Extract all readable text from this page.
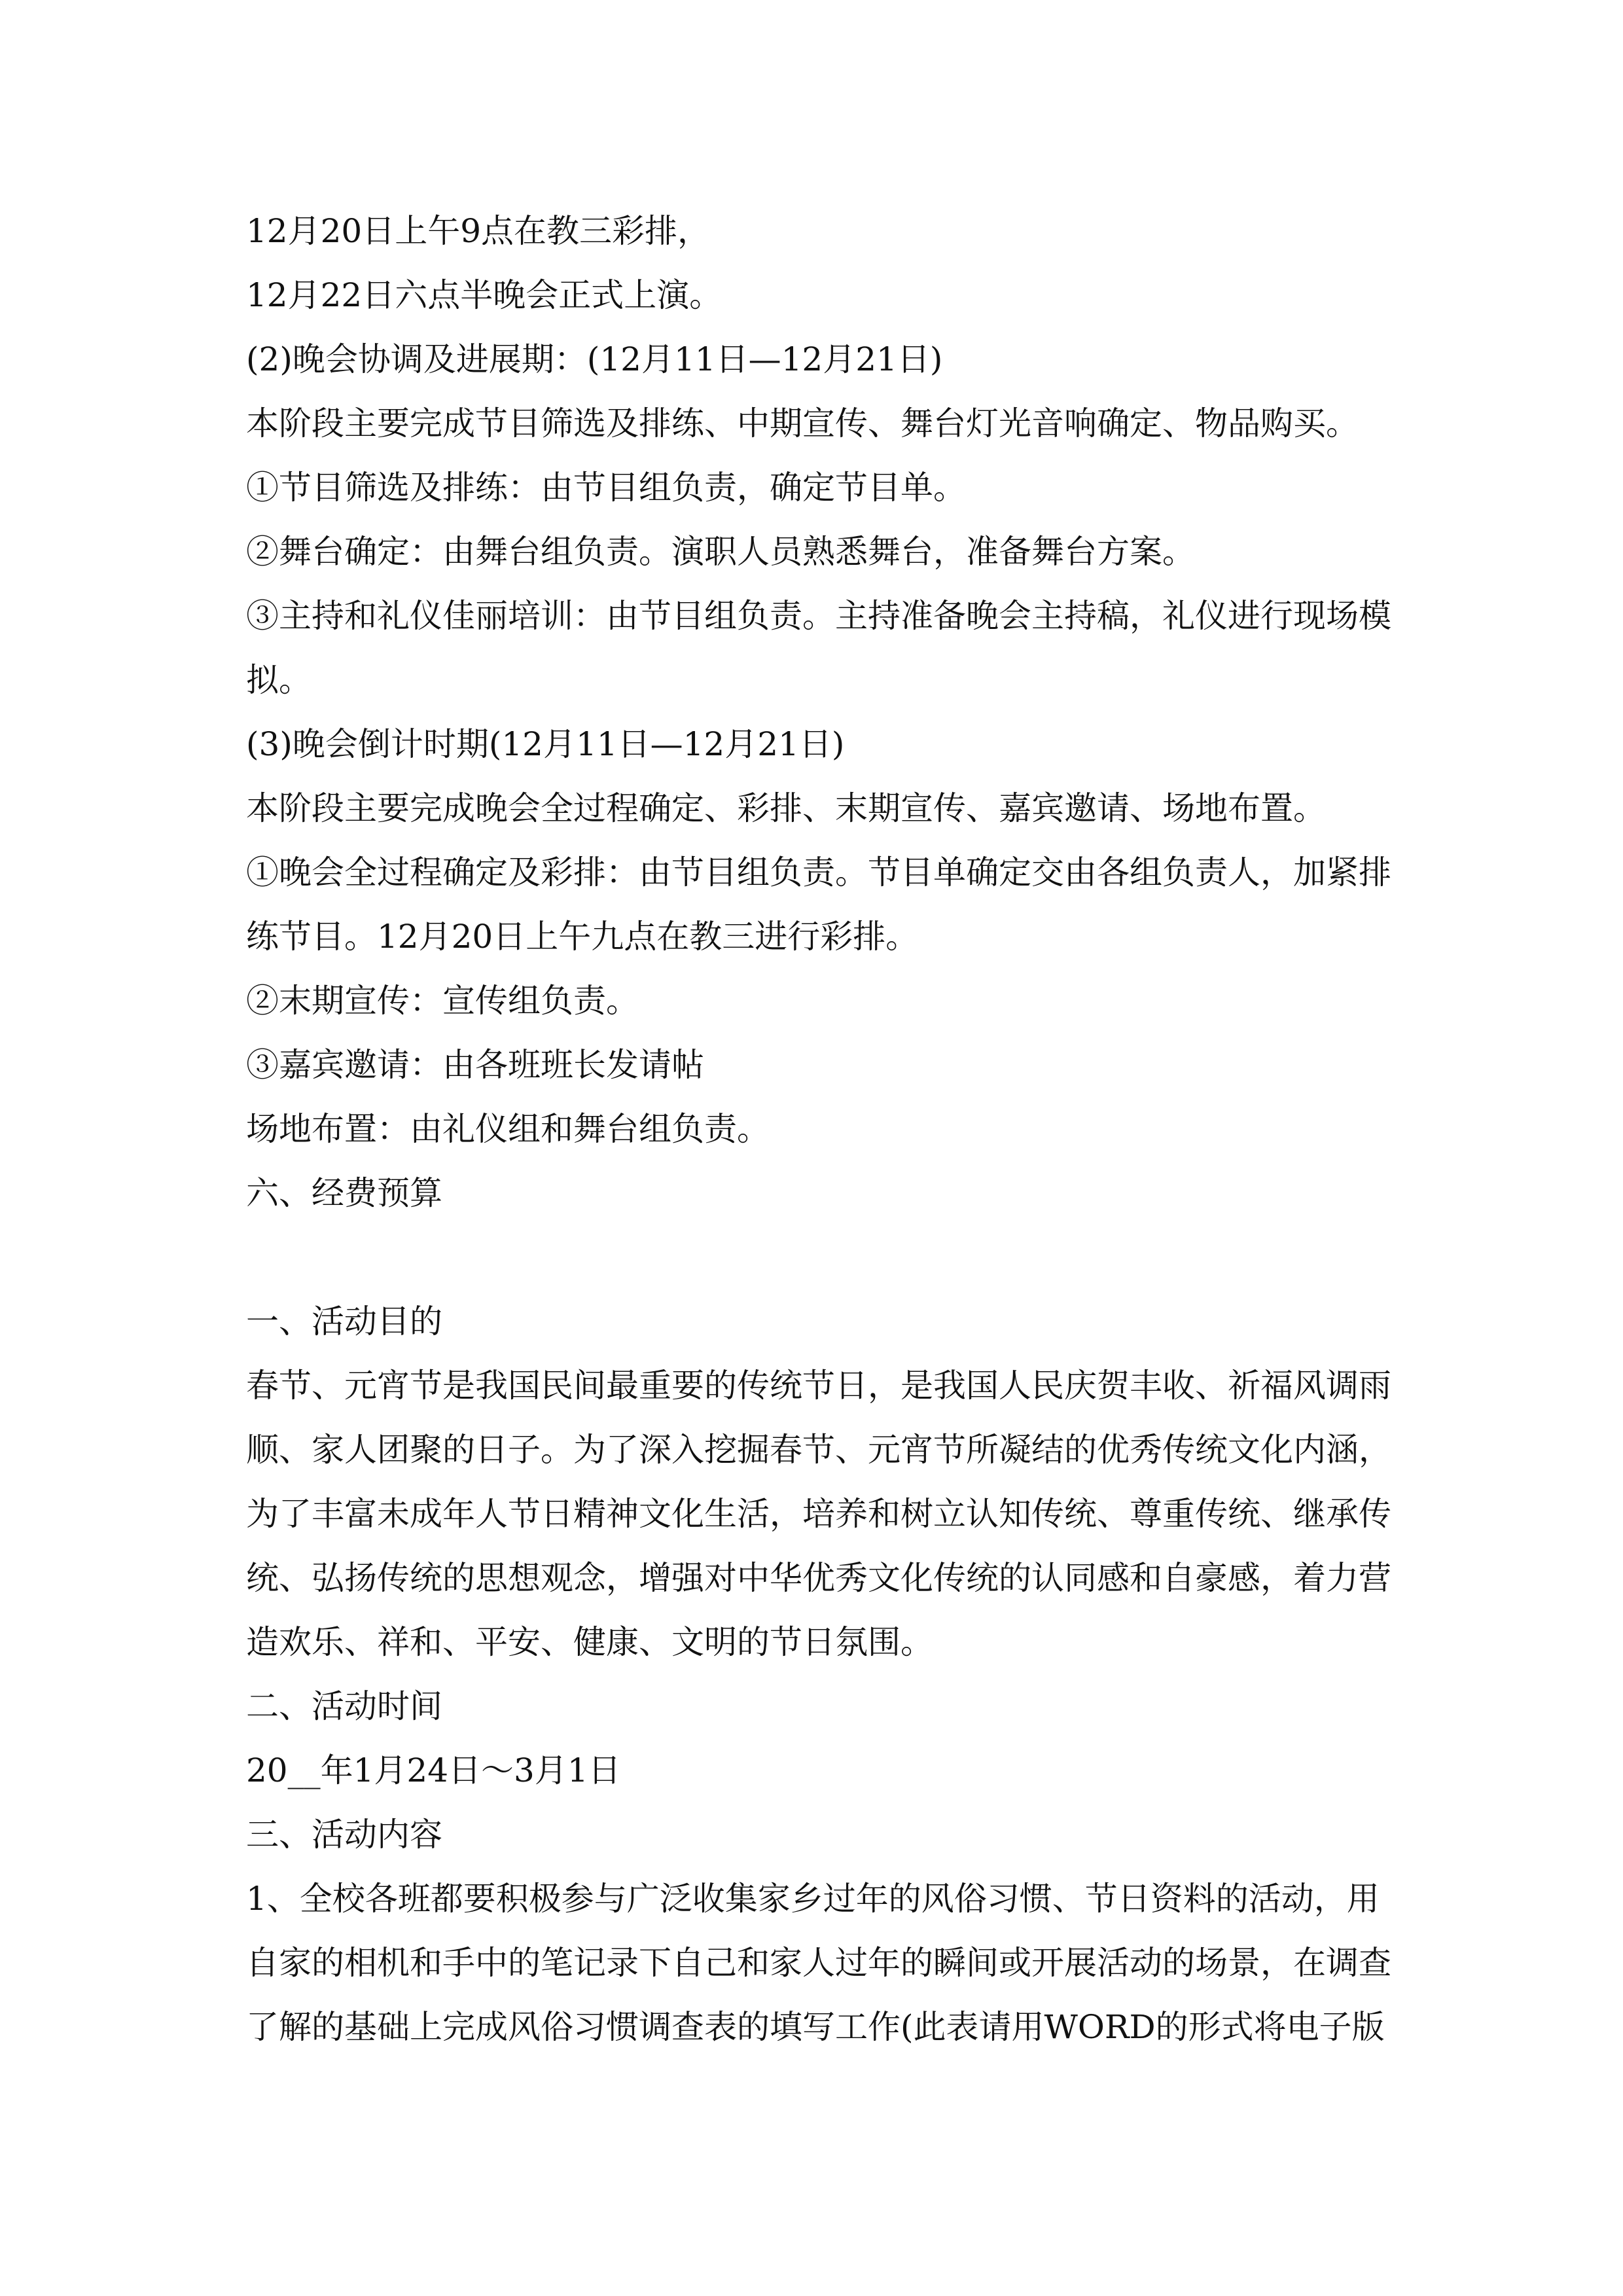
12月20日上午9点在教三彩排，
12月22日六点半晚会正式上演。
(2)晚会协调及进展期：(12月11日—12月21日)
本阶段主要完成节目筛选及排练、中期宣传、舞台灯光音响确定、物品购买。
①节目筛选及排练：由节目组负责，确定节目单。
②舞台确定：由舞台组负责。演职人员熟悉舞台，准备舞台方案。
③主持和礼仪佳丽培训：由节目组负责。主持准备晚会主持稿，礼仪进行现场模
拟。
(3)晚会倒计时期(12月11日—12月21日)
本阶段主要完成晚会全过程确定、彩排、末期宣传、嘉宾邀请、场地布置。
①晚会全过程确定及彩排：由节目组负责。节目单确定交由各组负责人，加紧排
练节目。12月20日上午九点在教三进行彩排。
②末期宣传：宣传组负责。
③嘉宾邀请：由各班班长发请帖
场地布置：由礼仪组和舞台组负责。
六、经费预算
一、活动目的
春节、元宵节是我国民间最重要的传统节日，是我国人民庆贺丰收、祈福风调雨
顺、家人团聚的日子。为了深入挖掘春节、元宵节所凝结的优秀传统文化内涵，
为了丰富未成年人节日精神文化生活，培养和树立认知传统、尊重传统、继承传
统、弘扬传统的思想观念，增强对中华优秀文化传统的认同感和自豪感，着力营
造欢乐、祥和、平安、健康、文明的节日氛围。
二、活动时间
20__年1月24日～3月1日
三、活动内容
1、全校各班都要积极参与广泛收集家乡过年的风俗习惯、节日资料的活动，用
自家的相机和手中的笔记录下自己和家人过年的瞬间或开展活动的场景，在调查
了解的基础上完成风俗习惯调查表的填写工作(此表请用WORD的形式将电子版
